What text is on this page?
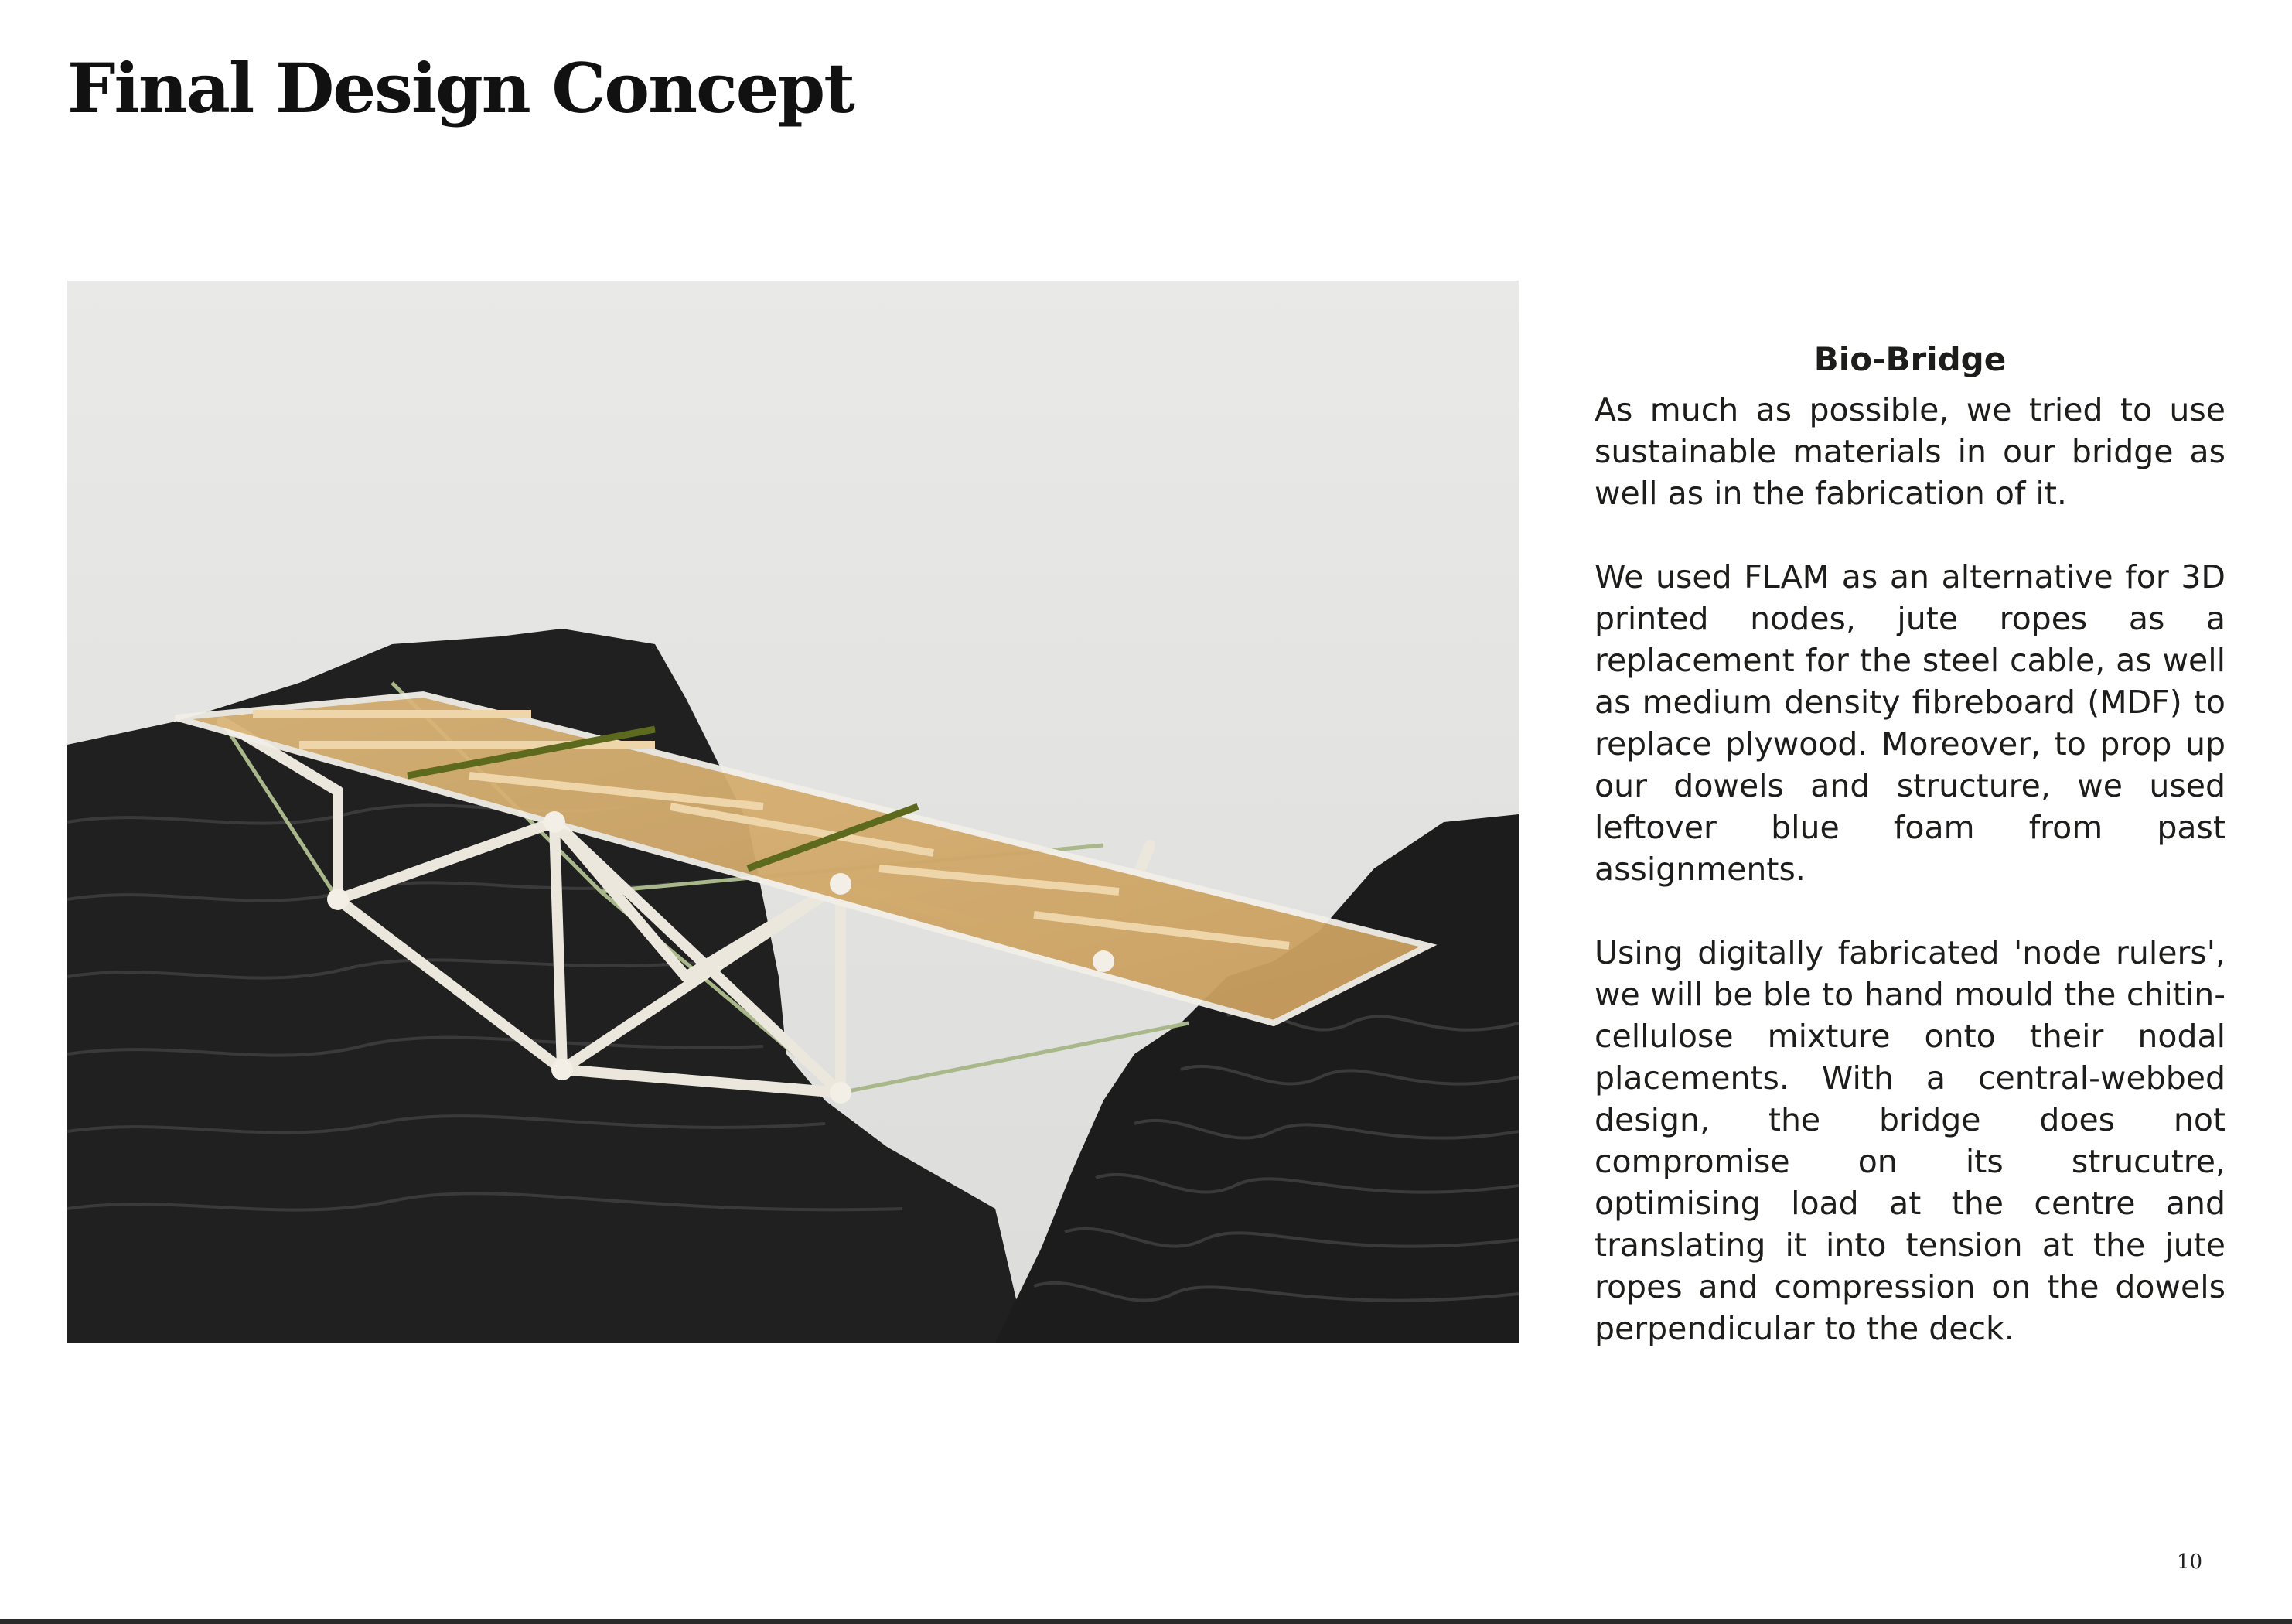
Final Design Concept
Bio-Bridge

As much as possible, we tried to use sustainable materials in our bridge as well as in the fabrication of it.

We used FLAM as an alternative for 3D printed nodes, jute ropes as a replacement for the steel cable, as well as medium density fibreboard (MDF) to replace plywood. Moreover, to prop up our dowels and structure, we used leftover blue foam from past assignments.

Using digitally fabricated 'node rulers', we will be ble to hand mould the chitin-cellulose mixture onto their nodal placements. With a central-webbed design, the bridge does not compromise on its strucutre, optimising load at the centre and translating it into tension at the jute ropes and compression on the dowels perpendicular to the deck.

10
